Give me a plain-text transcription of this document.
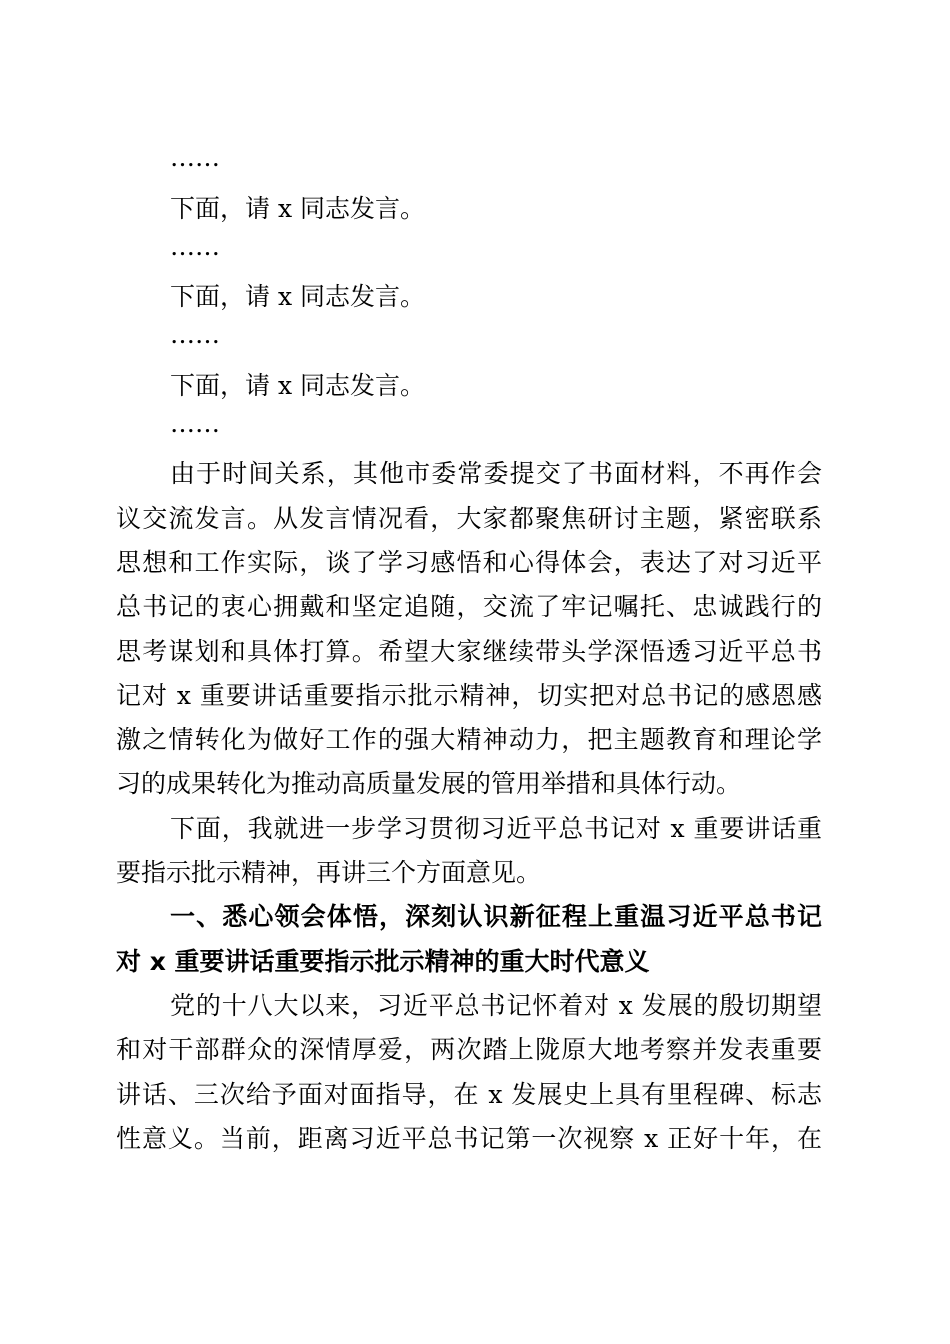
……

下面，请 x 同志发言。

……

下面，请 x 同志发言。

……

下面，请 x 同志发言。

……

由于时间关系，其他市委常委提交了书面材料，不再作会

议交流发言。从发言情况看，大家都聚焦研讨主题，紧密联系

思想和工作实际，谈了学习感悟和心得体会，表达了对习近平

总书记的衷心拥戴和坚定追随，交流了牢记嘱托、忠诚践行的

思考谋划和具体打算。希望大家继续带头学深悟透习近平总书

记对 x 重要讲话重要指示批示精神，切实把对总书记的感恩感

激之情转化为做好工作的强大精神动力，把主题教育和理论学

习的成果转化为推动高质量发展的管用举措和具体行动。

下面，我就进一步学习贯彻习近平总书记对 x 重要讲话重

要指示批示精神，再讲三个方面意见。

一、悉心领会体悟，深刻认识新征程上重温习近平总书记

对 x 重要讲话重要指示批示精神的重大时代意义

党的十八大以来，习近平总书记怀着对 x 发展的殷切期望

和对干部群众的深情厚爱，两次踏上陇原大地考察并发表重要

讲话、三次给予面对面指导，在 x 发展史上具有里程碑、标志

性意义。当前，距离习近平总书记第一次视察 x 正好十年，在
